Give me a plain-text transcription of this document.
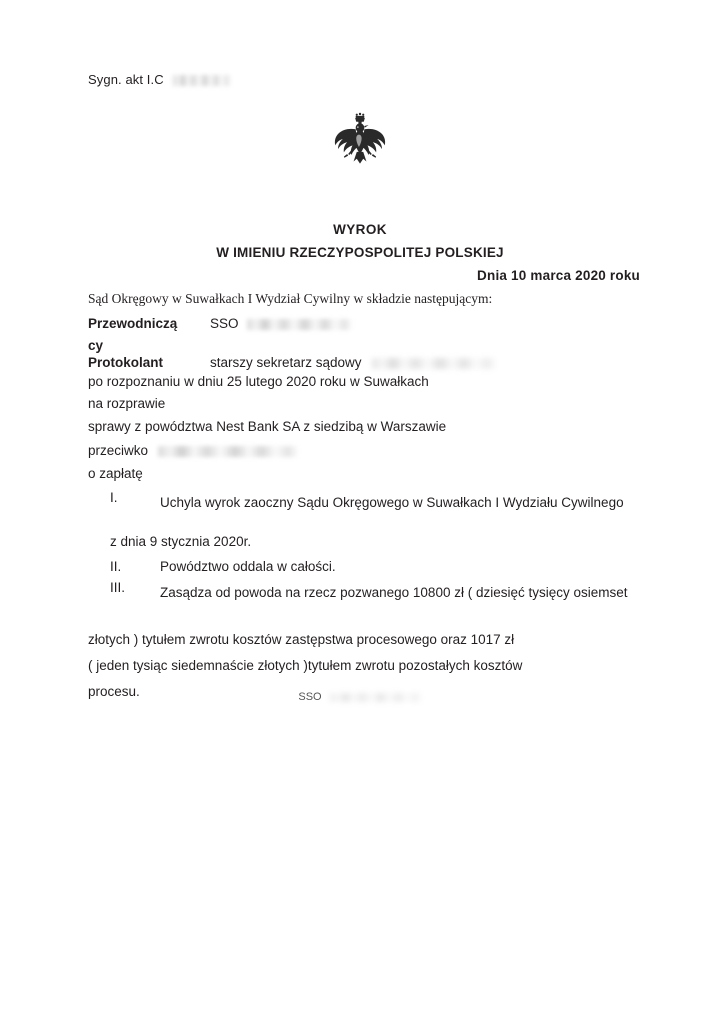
Sygn. akt I.C
WYROK
W IMIENIU RZECZYPOSPOLITEJ POLSKIEJ
Dnia 10 marca 2020 roku
Sąd Okręgowy w Suwałkach I Wydział Cywilny w składzie następującym:
Przewodniczą SSO
cy
Protokolant	starszy sekretarz sądowy
po rozpoznaniu w dniu 25 lutego 2020 roku w Suwałkach
na rozprawie
sprawy z powództwa Nest Bank SA z siedzibą w Warszawie
przeciwko
o zapłatę
I.	Uchyla wyrok zaoczny Sądu Okręgowego w Suwałkach I Wydziału Cywilnego
z dnia 9 stycznia 2020r.
II.	Powództwo oddala w całości.
III.	Zasądza od powoda na rzecz pozwanego 10800 zł ( dziesięć tysięcy osiemset
złotych ) tytułem zwrotu kosztów zastępstwa procesowego oraz 1017 zł
( jeden tysiąc siedemnaście złotych )tytułem zwrotu pozostałych kosztów
procesu.	SSO
